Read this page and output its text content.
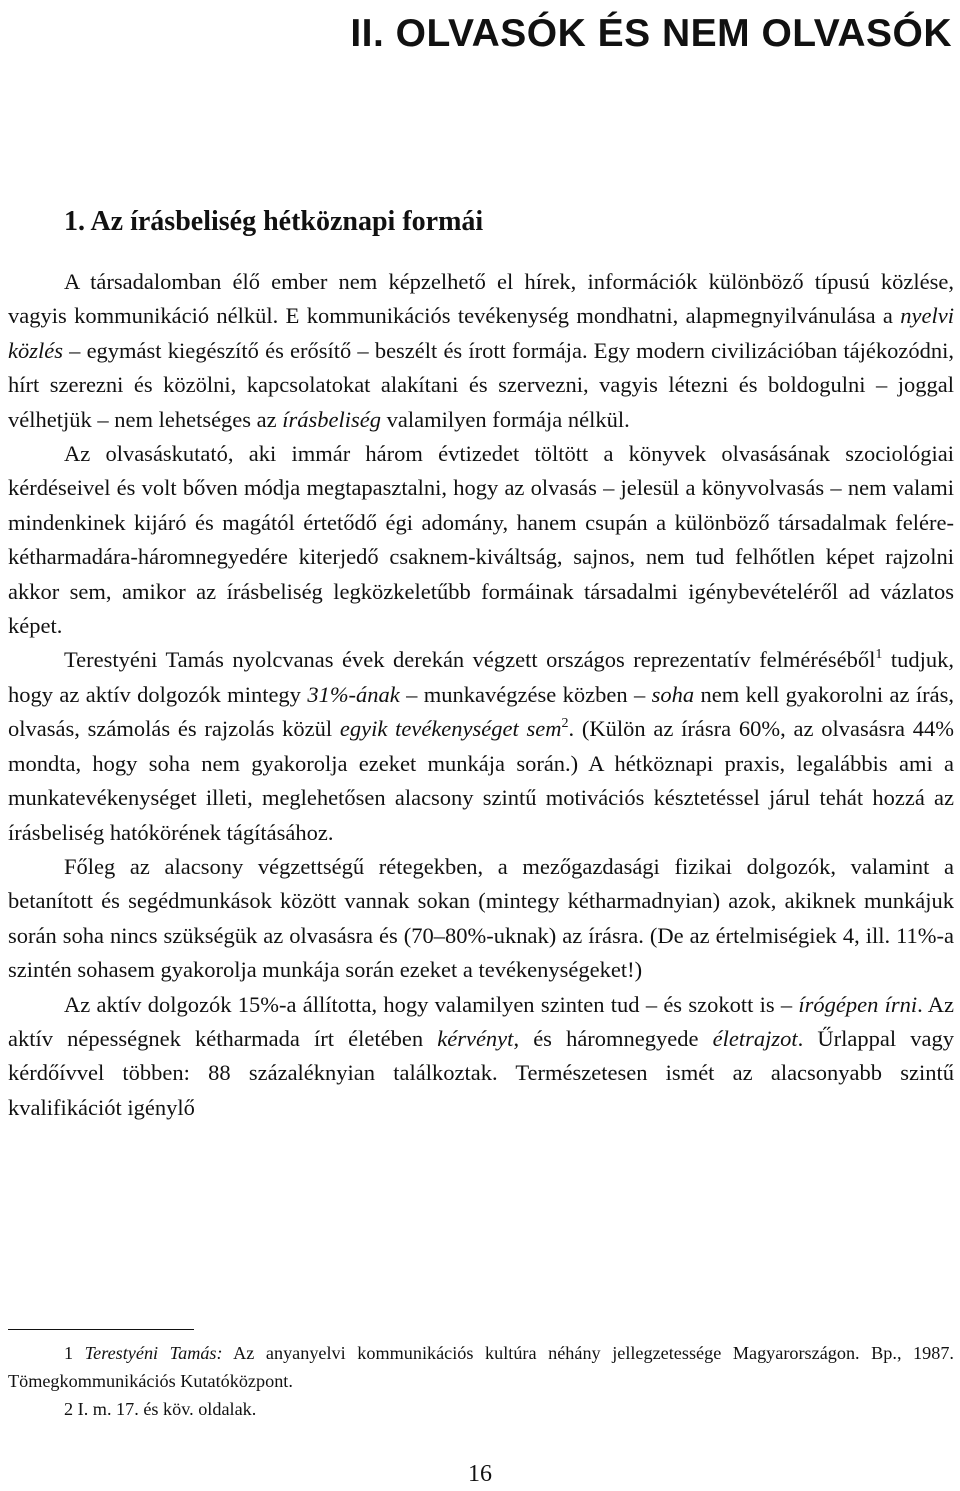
II. OLVASÓK ÉS NEM OLVASÓK
1. Az írásbeliség hétköznapi formái

A társadalomban élő ember nem képzelhető el hírek, információk különböző típusú közlése, vagyis kommunikáció nélkül. E kommunikációs tevékenység mondhatni, alapmegnyilvánulása a nyelvi közlés – egymást kiegészítő és erősítő – beszélt és írott formája. Egy modern civilizációban tájékozódni, hírt szerezni és közölni, kapcsolatokat alakítani és szervezni, vagyis létezni és boldogulni – joggal vélhetjük – nem lehetséges az írásbeliség valamilyen formája nélkül.

Az olvasáskutató, aki immár három évtizedet töltött a könyvek olvasásának szociológiai kérdéseivel és volt bőven módja megtapasztalni, hogy az olvasás – jelesül a könyvolvasás – nem valami mindenkinek kijáró és magától értetődő égi adomány, hanem csupán a különböző társadalmak felére-kétharmadára-háromnegyedére kiterjedő csaknem-kiváltság, sajnos, nem tud felhőtlen képet rajzolni akkor sem, amikor az írásbeliség legközkeletűbb formáinak társadalmi igénybevételéről ad vázlatos képet.

Terestyéni Tamás nyolcvanas évek derekán végzett országos reprezentatív felméréséből$^1$ tudjuk, hogy az aktív dolgozók mintegy 31%-ának – munkavégzése közben – soha nem kell gyakorolni az írás, olvasás, számolás és rajzolás közül egyik tevékenységet sem$^2$. (Külön az írásra 60%, az olvasásra 44% mondta, hogy soha nem gyakorolja ezeket munkája során.) A hétköznapi praxis, legalábbis ami a munkatevékenységet illeti, meglehetősen alacsony szintű motivációs késztetéssel járul tehát hozzá az írásbeliség hatókörének tágításához.

Főleg az alacsony végzettségű rétegekben, a mezőgazdasági fizikai dolgozók, valamint a betanított és segédmunkások között vannak sokan (mintegy kétharmadnyian) azok, akiknek munkájuk során soha nincs szükségük az olvasásra és (70–80%-uknak) az írásra. (De az értelmiségiek 4, ill. 11%-a szintén sohasem gyakorolja munkája során ezeket a tevékenységeket!)

Az aktív dolgozók 15%-a állította, hogy valamilyen szinten tud – és szokott is – írógépen írni. Az aktív népességnek kétharmada írt életében kérvényt, és háromnegyede életrajzot. Űrlappal vagy kérdőívvel többen: 88 százaléknyian találkoztak. Természetesen ismét az alacsonyabb szintű kvalifikációt igénylő

1 Terestyéni Tamás: Az anyanyelvi kommunikációs kultúra néhány jellegzetessége Magyarországon. Bp., 1987. Tömegkommunikációs Kutatóközpont.

2 I. m. 17. és köv. oldalak.

16
